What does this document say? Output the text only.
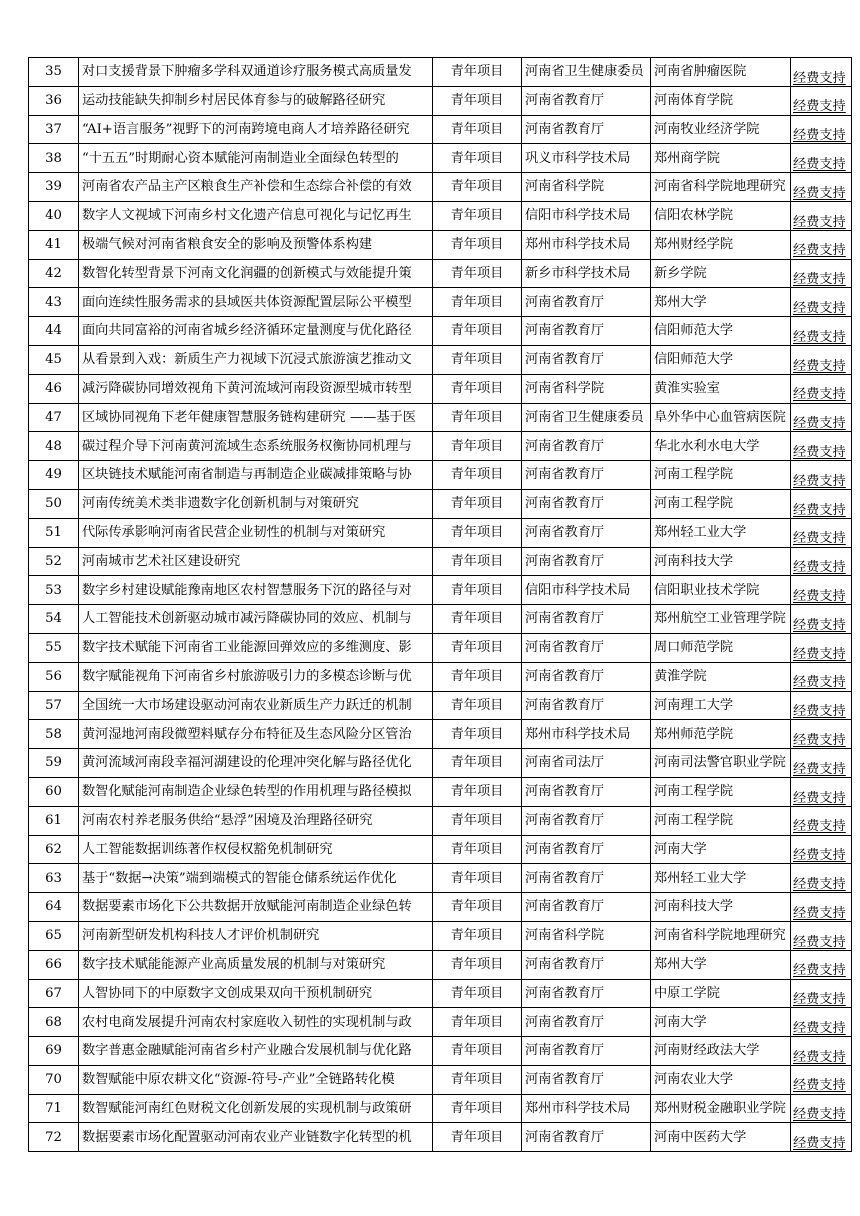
35	对口支援背景下肿瘤多学科双通道诊疗服务模式高质量发	青年项目	河南省卫生健康委员	河南省肿瘤医院	经费支持

36	运动技能缺失抑制乡村居民体育参与的破解路径研究	青年项目	河南省教育厅	河南体育学院	经费支持

37	“AI+语言服务”视野下的河南跨境电商人才培养路径研究	青年项目	河南省教育厅	河南牧业经济学院	经费支持

38	“十五五”时期耐心资本赋能河南制造业全面绿色转型的	青年项目	巩义市科学技术局	郑州商学院	经费支持

39	河南省农产品主产区粮食生产补偿和生态综合补偿的有效	青年项目	河南省科学院	河南省科学院地理研究	经费支持

40	数字人文视域下河南乡村文化遗产信息可视化与记忆再生	青年项目	信阳市科学技术局	信阳农林学院	经费支持

41	极端气候对河南省粮食安全的影响及预警体系构建	青年项目	郑州市科学技术局	郑州财经学院	经费支持

42	数智化转型背景下河南文化润疆的创新模式与效能提升策	青年项目	新乡市科学技术局	新乡学院	经费支持

43	面向连续性服务需求的县域医共体资源配置层际公平模型	青年项目	河南省教育厅	郑州大学	经费支持

44	面向共同富裕的河南省城乡经济循环定量测度与优化路径	青年项目	河南省教育厅	信阳师范大学	经费支持

45	从看景到入戏：新质生产力视域下沉浸式旅游演艺推动文	青年项目	河南省教育厅	信阳师范大学	经费支持

46	减污降碳协同增效视角下黄河流域河南段资源型城市转型	青年项目	河南省科学院	黄淮实验室	经费支持

47	区域协同视角下老年健康智慧服务链构建研究 ——基于医	青年项目	河南省卫生健康委员	阜外华中心血管病医院	经费支持

48	碳过程介导下河南黄河流域生态系统服务权衡协同机理与	青年项目	河南省教育厅	华北水利水电大学	经费支持

49	区块链技术赋能河南省制造与再制造企业碳减排策略与协	青年项目	河南省教育厅	河南工程学院	经费支持

50	河南传统美术类非遗数字化创新机制与对策研究	青年项目	河南省教育厅	河南工程学院	经费支持

51	代际传承影响河南省民营企业韧性的机制与对策研究	青年项目	河南省教育厅	郑州轻工业大学	经费支持

52	河南城市艺术社区建设研究	青年项目	河南省教育厅	河南科技大学	经费支持

53	数字乡村建设赋能豫南地区农村智慧服务下沉的路径与对	青年项目	信阳市科学技术局	信阳职业技术学院	经费支持

54	人工智能技术创新驱动城市减污降碳协同的效应、机制与	青年项目	河南省教育厅	郑州航空工业管理学院	经费支持

55	数字技术赋能下河南省工业能源回弹效应的多维测度、影	青年项目	河南省教育厅	周口师范学院	经费支持

56	数字赋能视角下河南省乡村旅游吸引力的多模态诊断与优	青年项目	河南省教育厅	黄淮学院	经费支持

57	全国统一大市场建设驱动河南农业新质生产力跃迁的机制	青年项目	河南省教育厅	河南理工大学	经费支持

58	黄河湿地河南段微塑料赋存分布特征及生态风险分区管治	青年项目	郑州市科学技术局	郑州师范学院	经费支持

59	黄河流域河南段幸福河湖建设的伦理冲突化解与路径优化	青年项目	河南省司法厅	河南司法警官职业学院	经费支持

60	数智化赋能河南制造企业绿色转型的作用机理与路径模拟	青年项目	河南省教育厅	河南工程学院	经费支持

61	河南农村养老服务供给“悬浮”困境及治理路径研究	青年项目	河南省教育厅	河南工程学院	经费支持

62	人工智能数据训练著作权侵权豁免机制研究	青年项目	河南省教育厅	河南大学	经费支持

63	基于“数据→决策”端到端模式的智能仓储系统运作优化	青年项目	河南省教育厅	郑州轻工业大学	经费支持

64	数据要素市场化下公共数据开放赋能河南制造企业绿色转	青年项目	河南省教育厅	河南科技大学	经费支持

65	河南新型研发机构科技人才评价机制研究	青年项目	河南省科学院	河南省科学院地理研究	经费支持

66	数字技术赋能能源产业高质量发展的机制与对策研究	青年项目	河南省教育厅	郑州大学	经费支持

67	人智协同下的中原数字文创成果双向干预机制研究	青年项目	河南省教育厅	中原工学院	经费支持

68	农村电商发展提升河南农村家庭收入韧性的实现机制与政	青年项目	河南省教育厅	河南大学	经费支持

69	数字普惠金融赋能河南省乡村产业融合发展机制与优化路	青年项目	河南省教育厅	河南财经政法大学	经费支持

70	数智赋能中原农耕文化“资源-符号-产业”全链路转化模	青年项目	河南省教育厅	河南农业大学	经费支持

71	数智赋能河南红色财税文化创新发展的实现机制与政策研	青年项目	郑州市科学技术局	郑州财税金融职业学院	经费支持

72	数据要素市场化配置驱动河南农业产业链数字化转型的机	青年项目	河南省教育厅	河南中医药大学	经费支持
